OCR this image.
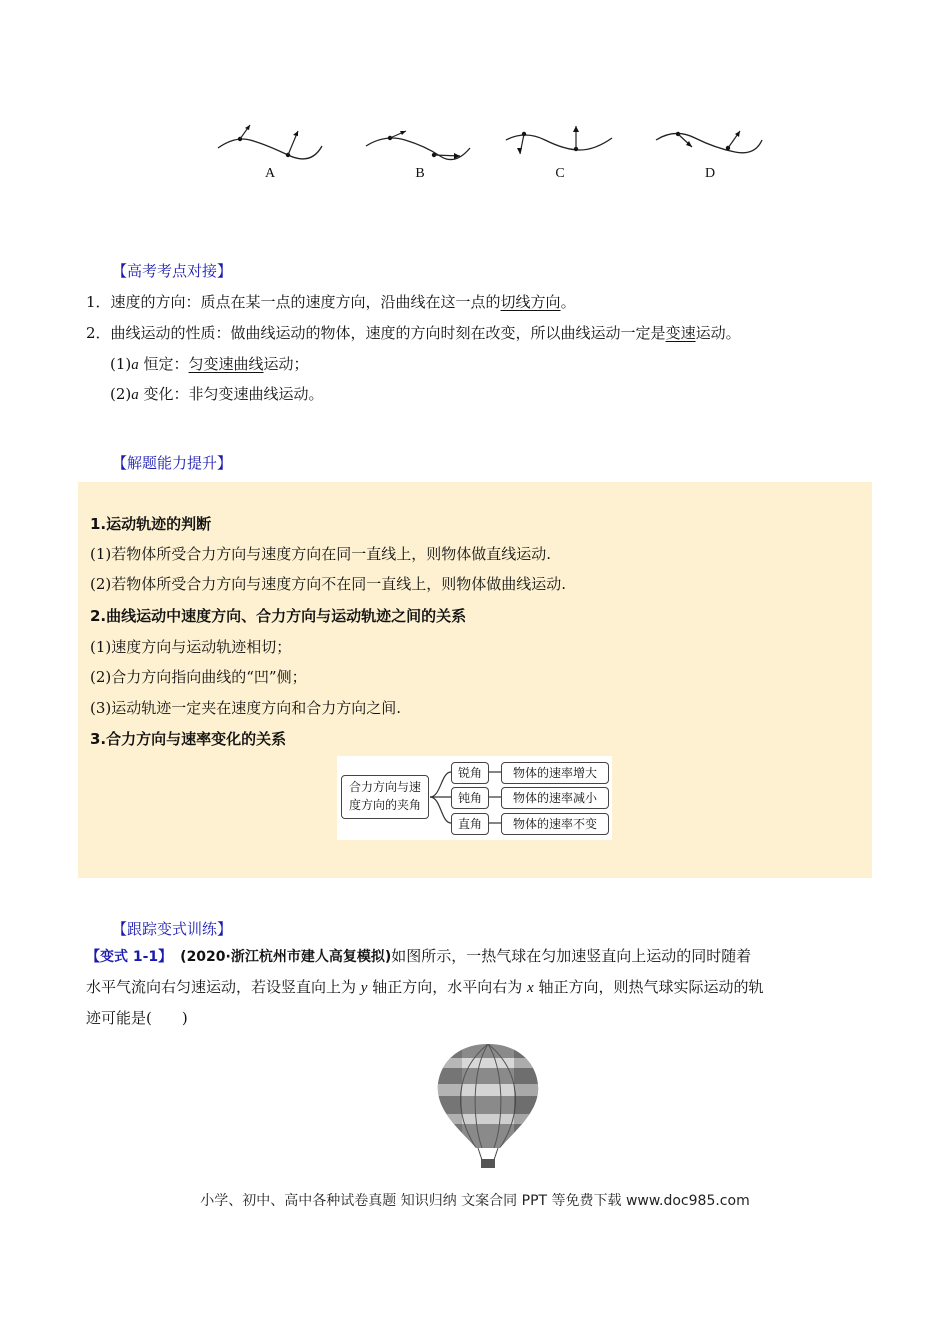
A	B	C	D
【高考考点对接】
1．速度的方向：质点在某一点的速度方向，沿曲线在这一点的切线方向。
2．曲线运动的性质：做曲线运动的物体，速度的方向时刻在改变，所以曲线运动一定是变速运动。
(1)a 恒定：匀变速曲线运动；
(2)a 变化：非匀变速曲线运动。
【解题能力提升】
1.运动轨迹的判断
(1)若物体所受合力方向与速度方向在同一直线上，则物体做直线运动.
(2)若物体所受合力方向与速度方向不在同一直线上，则物体做曲线运动.
2.曲线运动中速度方向、合力方向与运动轨迹之间的关系
(1)速度方向与运动轨迹相切；
(2)合力方向指向曲线的“凹”侧；
(3)运动轨迹一定夹在速度方向和合力方向之间.
3.合力方向与速率变化的关系
合力方向与速
度方向的夹角
锐角
钝角
直角
物体的速率增大
物体的速率减小
物体的速率不变
【跟踪变式训练】
【变式 1-1】 (2020·浙江杭州市建人高复模拟)如图所示，一热气球在匀加速竖直向上运动的同时随着
水平气流向右匀速运动，若设竖直向上为 y 轴正方向，水平向右为 x 轴正方向，则热气球实际运动的轨
迹可能是(　　)
小学、初中、高中各种试卷真题 知识归纳 文案合同 PPT 等免费下载 www.doc985.com
